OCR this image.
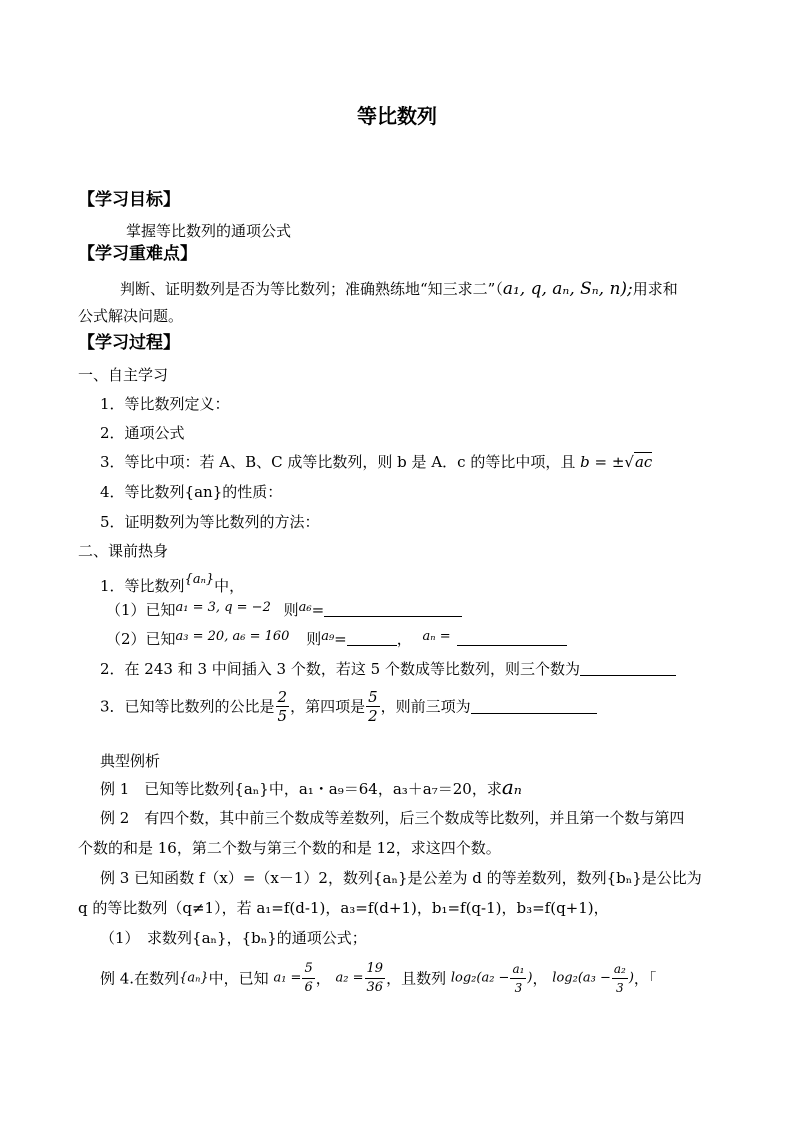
等比数列
【学习目标】
掌握等比数列的通项公式
【学习重难点】
判断、证明数列是否为等比数列；准确熟练地“知三求二”（a₁, q, aₙ, Sₙ, n);用求和
公式解决问题。
【学习过程】
一、自主学习
1．等比数列定义：
2．通项公式
3．等比中项：若 A、B、C 成等比数列，则 b 是 A．c 的等比中项，且 b = ±√ac
4．等比数列{an}的性质：
5．证明数列为等比数列的方法：
二、课前热身
1．等比数列{aₙ}中，
（1）已知a₁ = 3, q = −2 则a₆=
（2）已知a₃ = 20, a₆ = 160 则a₉=	， aₙ =
2．在 243 和 3 中间插入 3 个数，若这 5 个数成等比数列，则三个数为
3．已知等比数列的公比是 $\frac{2}{5}$ ，第四项是 $\frac{5}{2}$ ，则前三项为
典型例析
例 1　已知等比数列{aₙ}中，a₁・a₉＝64，a₃＋a₇＝20，求aₙ
例 2　有四个数，其中前三个数成等差数列，后三个数成等比数列，并且第一个数与第四
个数的和是 16，第二个数与第三个数的和是 12，求这四个数。
例 3 已知函数 f（x）=（x－1）2，数列{aₙ}是公差为 d 的等差数列，数列{bₙ}是公比为
q 的等比数列（q≠1），若 a₁=f(d-1)，a₃=f(d+1)，b₁=f(q-1)，b₃=f(q+1)，
（1）　求数列{aₙ}，{bₙ}的通项公式；
例 4.在数列{aₙ}中，已知 $a_1 = \frac{5}{6}$ ， $a_2 = \frac{19}{36}$ ，且数列 $\log_2(a_2 - \frac{\text{a₁}}{3}$ )， $\log_2(a_3 - \frac{\text{a₂}}{3}$ )，「
